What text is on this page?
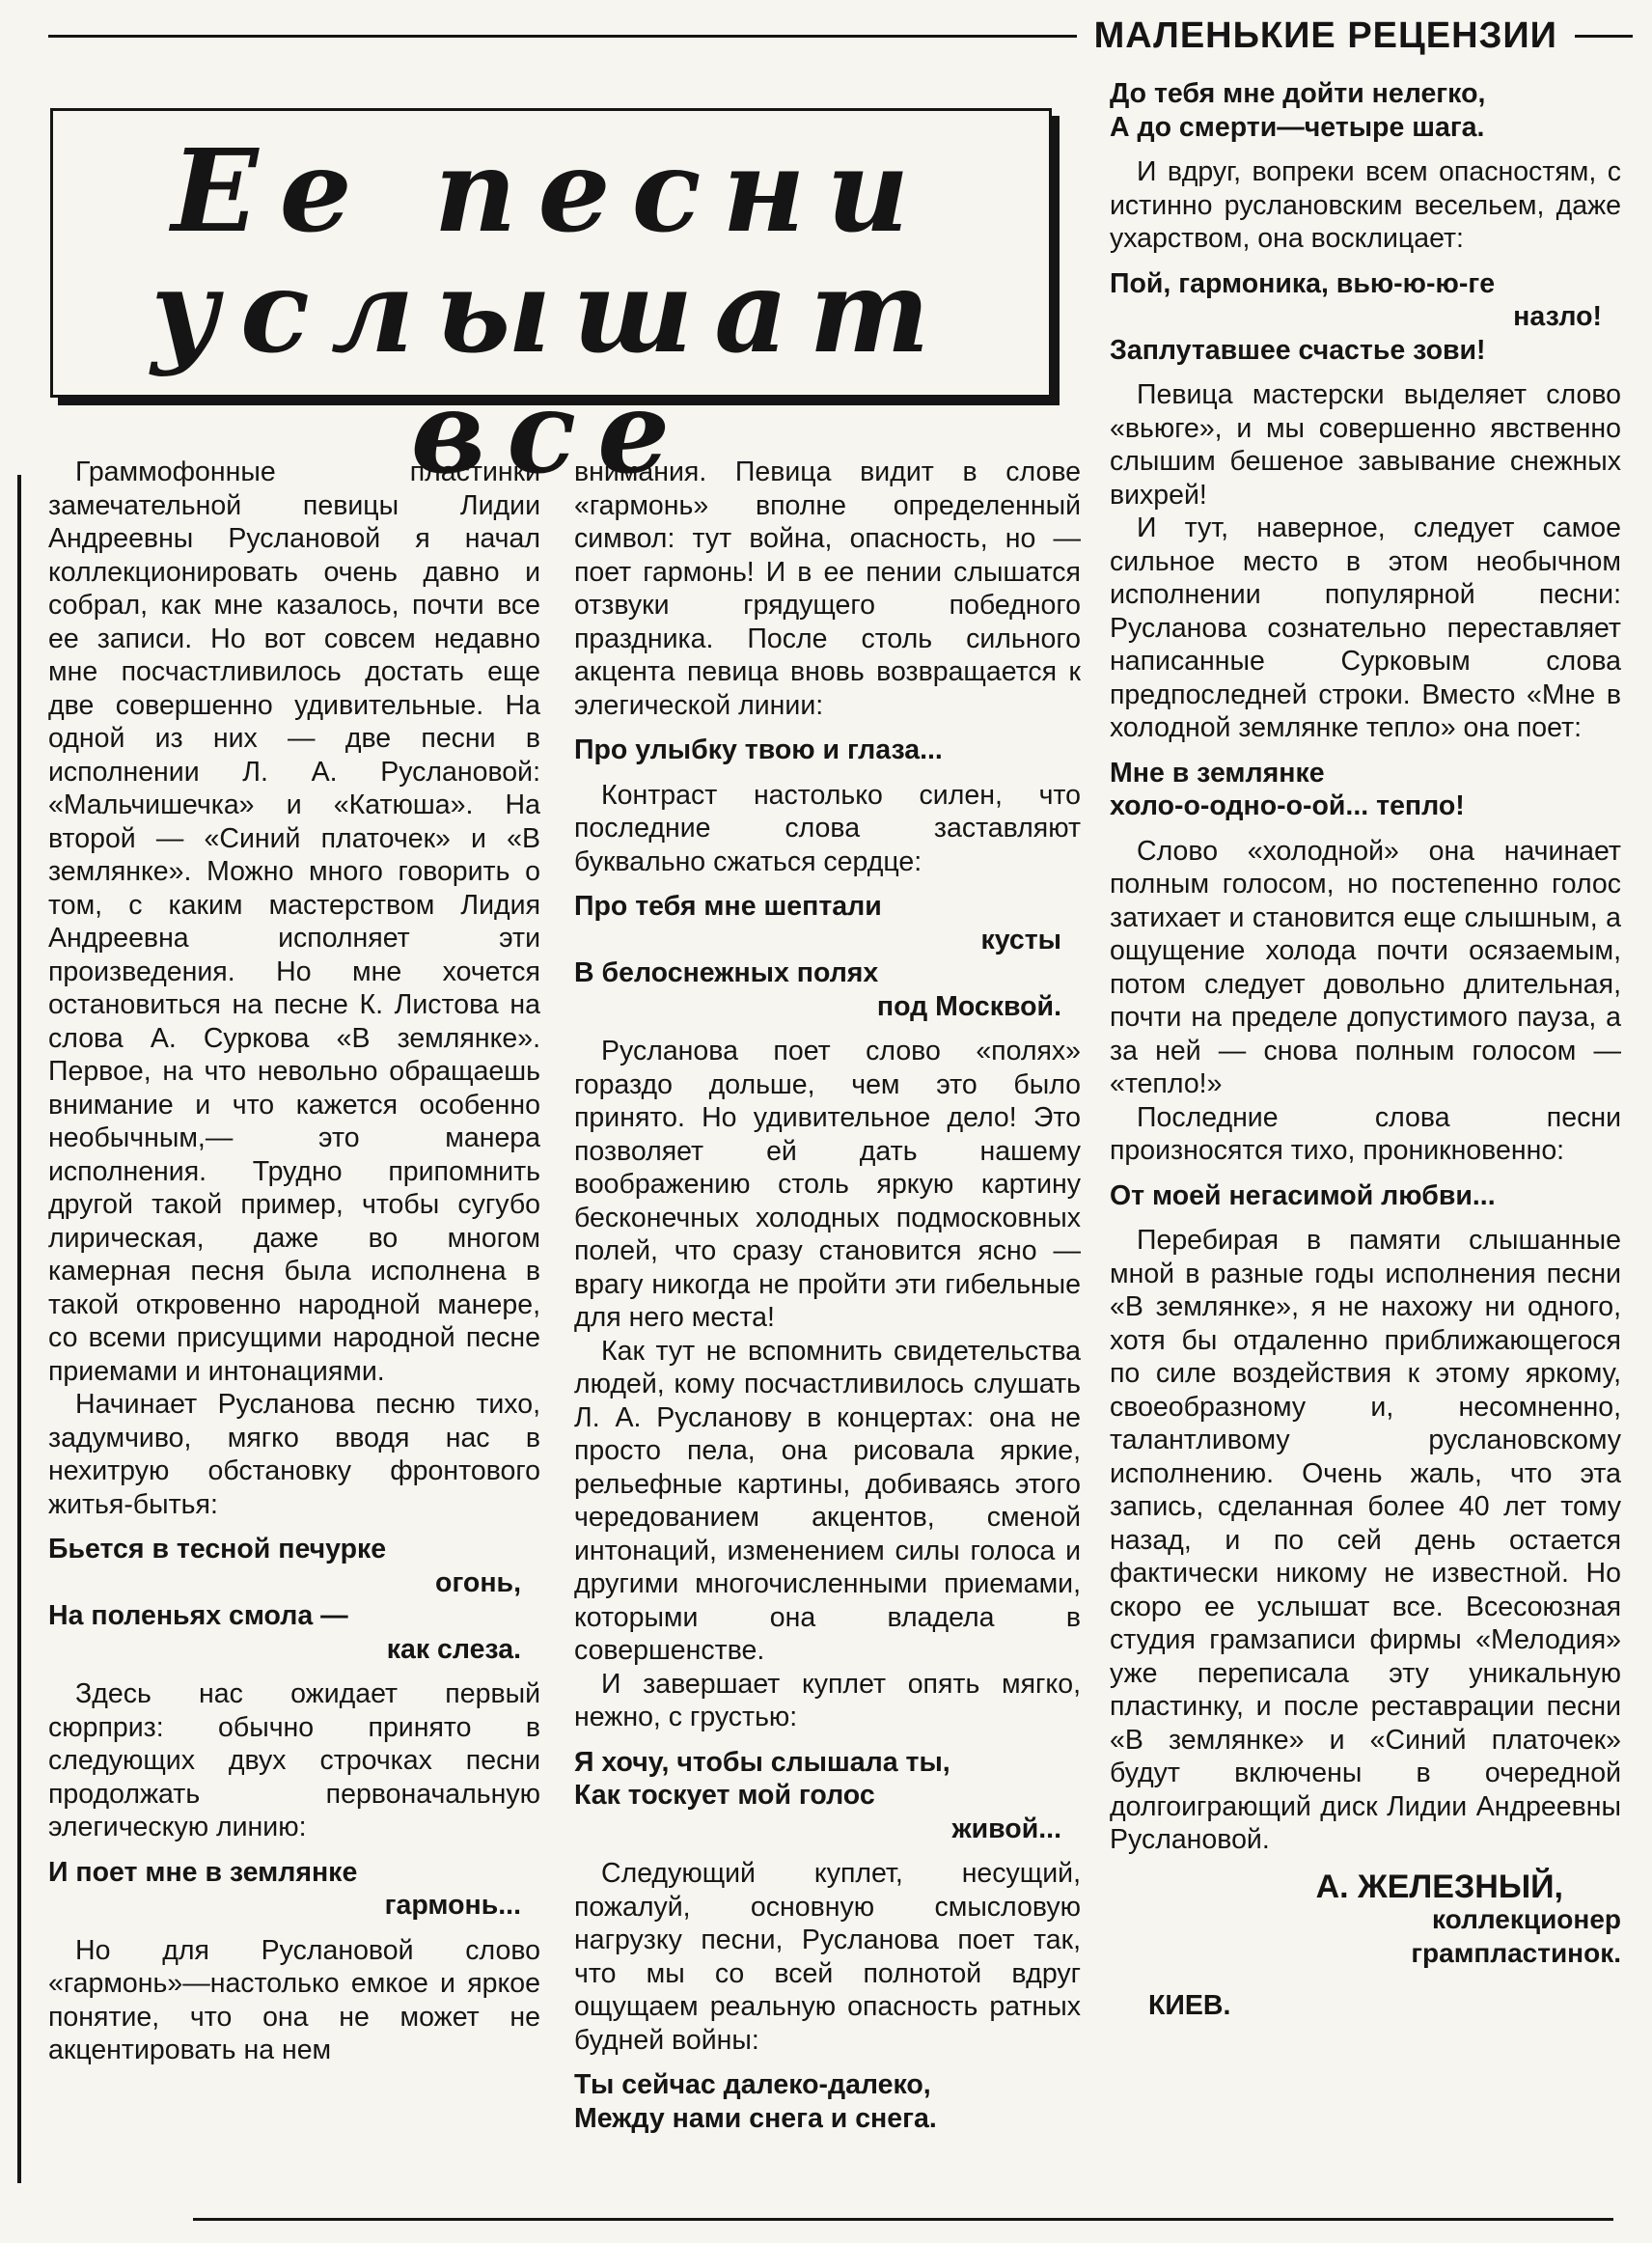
МАЛЕНЬКИЕ РЕЦЕНЗИИ
Ее песни
услышат все

Граммофонные пластинки замечательной певицы Лидии Андреевны Руслановой я начал коллекционировать очень давно и собрал, как мне казалось, почти все ее записи. Но вот совсем недавно мне посчастливилось достать еще две совершенно удивительные. На одной из них — две песни в исполнении Л. А. Руслановой: «Мальчишечка» и «Катюша». На второй — «Синий платочек» и «В землянке». Можно много говорить о том, с каким мастерством Лидия Андреевна исполняет эти произведения. Но мне хочется остановиться на песне К. Листова на слова А. Суркова «В землянке». Первое, на что невольно обращаешь внимание и что кажется особенно необычным,— это манера исполнения. Трудно припомнить другой такой пример, чтобы сугубо лирическая, даже во многом камерная песня была исполнена в такой откровенно народной манере, со всеми присущими народной песне приемами и интонациями.

Начинает Русланова песню тихо, задумчиво, мягко вводя нас в нехитрую обстановку фронтового житья-бытья:

Бьется в тесной печурке
огонь,
На поленьях смола —
как слеза.

Здесь нас ожидает первый сюрприз: обычно принято в следующих двух строчках песни продолжать первоначальную элегическую линию:

И поет мне в землянке
гармонь...

Но для Руслановой слово «гармонь»—настолько емкое и яркое понятие, что она не может не акцентировать на нем

внимания. Певица видит в слове «гармонь» вполне определенный символ: тут война, опасность, но — поет гармонь! И в ее пении слышатся отзвуки грядущего победного праздника. После столь сильного акцента певица вновь возвращается к элегической линии:

Про улыбку твою и глаза...

Контраст настолько силен, что последние слова заставляют буквально сжаться сердце:

Про тебя мне шептали
кусты
В белоснежных полях
под Москвой.

Русланова поет слово «полях» гораздо дольше, чем это было принято. Но удивительное дело! Это позволяет ей дать нашему воображению столь яркую картину бесконечных холодных подмосковных полей, что сразу становится ясно — врагу никогда не пройти эти гибельные для него места!

Как тут не вспомнить свидетельства людей, кому посчастливилось слушать Л. А. Русланову в концертах: она не просто пела, она рисовала яркие, рельефные картины, добиваясь этого чередованием акцентов, сменой интонаций, изменением силы голоса и другими многочисленными приемами, которыми она владела в совершенстве.

И завершает куплет опять мягко, нежно, с грустью:

Я хочу, чтобы слышала ты,
Как тоскует мой голос
живой...

Следующий куплет, несущий, пожалуй, основную смысловую нагрузку песни, Русланова поет так, что мы со всей полнотой вдруг ощущаем реальную опасность ратных будней войны:

Ты сейчас далеко-далеко,
Между нами снега и снега.
До тебя мне дойти нелегко,
А до смерти—четыре шага.

И вдруг, вопреки всем опасностям, с истинно руслановским весельем, даже ухарством, она восклицает:

Пой, гармоника, вью-ю-ю-ге
назло!
Заплутавшее счастье зови!

Певица мастерски выделяет слово «вьюге», и мы совершенно явственно слышим бешеное завывание снежных вихрей!

И тут, наверное, следует самое сильное место в этом необычном исполнении популярной песни: Русланова сознательно переставляет написанные Сурковым слова предпоследней строки. Вместо «Мне в холодной землянке тепло» она поет:

Мне в землянке
холо-о-одно-о-ой... тепло!

Слово «холодной» она начинает полным голосом, но постепенно голос затихает и становится еще слышным, а ощущение холода почти осязаемым, потом следует довольно длительная, почти на пределе допустимого пауза, а за ней — снова полным голосом — «тепло!»

Последние слова песни произносятся тихо, проникновенно:

От моей негасимой любви...

Перебирая в памяти слышанные мной в разные годы исполнения песни «В землянке», я не нахожу ни одного, хотя бы отдаленно приближающегося по силе воздействия к этому яркому, своеобразному и, несомненно, талантливому руслановскому исполнению. Очень жаль, что эта запись, сделанная более 40 лет тому назад, и по сей день остается фактически никому не известной. Но скоро ее услышат все. Всесоюзная студия грамзаписи фирмы «Мелодия» уже переписала эту уникальную пластинку, и после реставрации песни «В землянке» и «Синий платочек» будут включены в очередной долгоиграющий диск Лидии Андреевны Руслановой.

А. ЖЕЛЕЗНЫЙ,
коллекционер
грампластинок.
КИЕВ.
